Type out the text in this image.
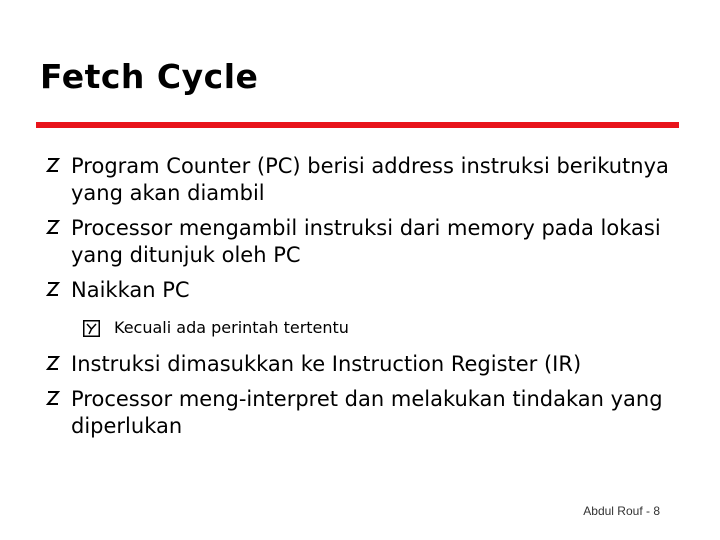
Fetch Cycle
Program Counter (PC) berisi address instruksi berikutnya yang akan diambil
Processor mengambil instruksi dari memory pada lokasi yang ditunjuk oleh PC
Naikkan PC
Kecuali ada perintah tertentu
Instruksi dimasukkan ke Instruction Register (IR)
Processor meng-interpret dan melakukan tindakan yang diperlukan
Abdul Rouf - 8
